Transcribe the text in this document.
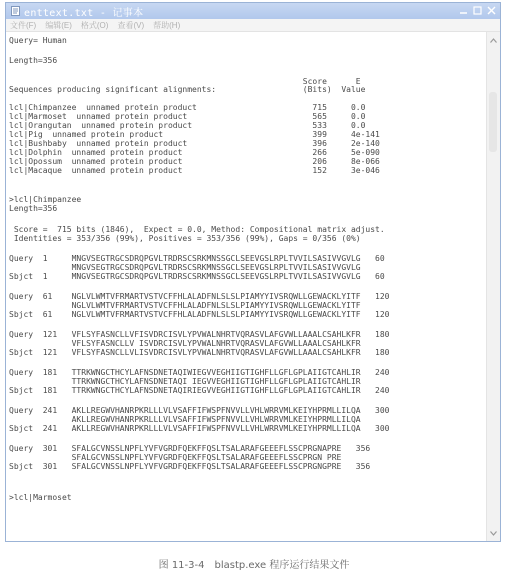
enttext.txt - 记事本
文件(F) 编辑(E) 格式(O) 查看(V) 帮助(H)
Query= Human
Length=356
Score      E
Sequences producing significant alignments:                  (Bits)  Value
lcl|Chimpanzee  unnamed protein product                        715     0.0
lcl|Marmoset  unnamed protein product                          565     0.0
lcl|Orangutan  unnamed protein product                         533     0.0
lcl|Pig  unnamed protein product                               399     4e-141
lcl|Bushbaby  unnamed protein product                          396     2e-140
lcl|Dolphin  unnamed protein product                           266     5e-090
lcl|Opossum  unnamed protein product                           206     8e-066
lcl|Macaque  unnamed protein product                           152     3e-046
>lcl|Chimpanzee
Length=356
Score =  715 bits (1846),  Expect = 0.0, Method: Compositional matrix adjust.
Identities = 353/356 (99%), Positives = 353/356 (99%), Gaps = 0/356 (0%)
Query  1     MNGVSEGTRGCSDRQPGVLTRDRSCSRKMNSSGCLSEEVGSLRPLTVVILSASIVVGVLG   60
MNGVSEGTRGCSDRQPGVLTRDRSCSRKMNSSGCLSEEVGSLRPLTVVILSASIVVGVLG
Sbjct  1     MNGVSEGTRGCSDRQPGVLTRDRSCSRKMNSSGCLSEEVGSLRPLTVVILSASIVVGVLG   60
Query  61    NGLVLWMTVFRMARTVSTVCFFHLALADFNLSLSLPIAMYYIVSRQWLLGEWACKLYITF   120
NGLVLWMTVFRMARTVSTVCFFHLALADFNLSLSLPIAMYYIVSRQWLLGEWACKLYITF
Sbjct  61    NGLVLWMTVFRMARTVSTVCFFHLALADFNLSLSLPIAMYYIVSRQWLLGEWACKLYITF   120
Query  121   VFLSYFASNCLLVFISVDRCISVLYPVWALNHRTVQRASVLAFGVWLLAAALCSAHLKFR   180
VFLSYFASNCLLV ISVDRCISVLYPVWALNHRTVQRASVLAFGVWLLAAALCSAHLKFR
Sbjct  121   VFLSYFASNCLLVLISVDRCISVLYPVWALNHRTVQRASVLAFGVWLLAAALCSAHLKFR   180
Query  181   TTRKWNGCTHCYLAFNSDNETAQIWIEGVVEGHIIGTIGHFLLGFLGPLAIIGTCAHLIR   240
TTRKWNGCTHCYLAFNSDNETAQI IEGVVEGHIIGTIGHFLLGFLGPLAIIGTCAHLIR
Sbjct  181   TTRKWNGCTHCYLAFNSDNETAQIRIEGVVEGHIIGTIGHFLLGFLGPLAIIGTCAHLIR   240
Query  241   AKLLREGWVHANRPKRLLLVLVSAFFIFWSPFNVVLLVHLWRRVMLKEIYHPRMLLILQA   300
AKLLREGWVHANRPKRLLLVLVSAFFIFWSPFNVVLLVHLWRRVMLKEIYHPRMLLILQA
Sbjct  241   AKLLREGWVHANRPKRLLLVLVSAFFIFWSPFNVVLLVHLWRRVMLKEIYHPRMLLILQA   300
Query  301   SFALGCVNSSLNPFLYVFVGRDFQEKFFQSLTSALARAFGEEEFLSSCPRGNAPRE   356
SFALGCVNSSLNPFLYVFVGRDFQEKFFQSLTSALARAFGEEEFLSSCPRGN PRE
Sbjct  301   SFALGCVNSSLNPFLYVFVGRDFQEKFFQSLTSALARAFGEEEFLSSCPRGNGPRE   356
>lcl|Marmoset
图 11-3-4 blastp.exe 程序运行结果文件
